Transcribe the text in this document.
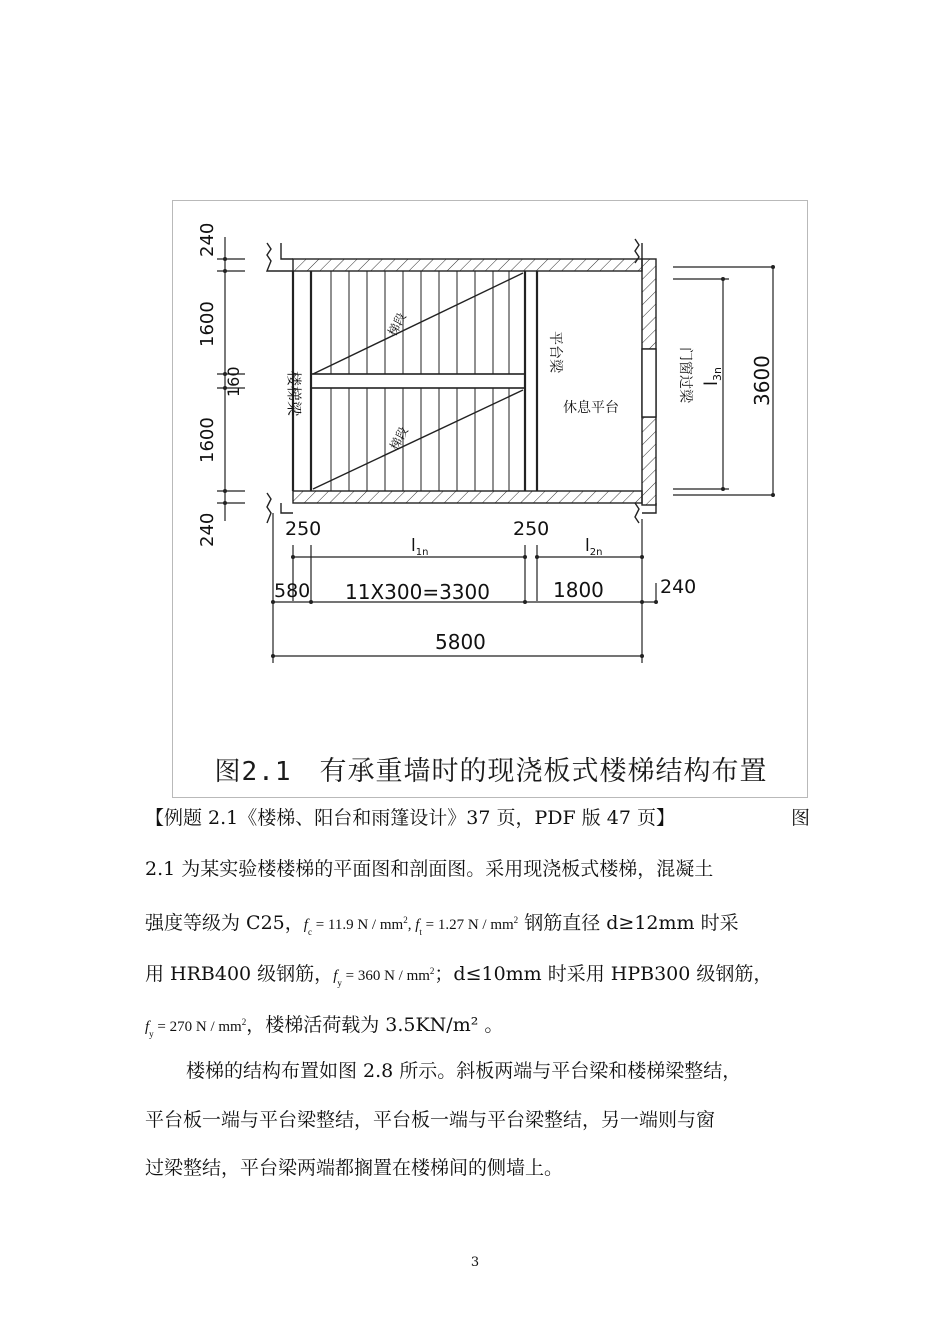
240
1600
160
1600
240
3600
$l_{3n}$
楼梯梁
梯段
梯段
平台梁
休息平台
门窗过梁
250	250
$l_{1n}$	$l_{2n}$
580 11X300=3300	1800	240
5800
图2.1 有承重墙时的现浇板式楼梯结构布置
【例题 2.1《楼梯、阳台和雨篷设计》37 页，PDF 版 47 页】	图
2.1 为某实验楼楼梯的平面图和剖面图。采用现浇板式楼梯，混凝土
强度等级为 C25，$f_c = 11.9$ N / $mm^2$, $f_t = 1.27$ N / $mm^2$ 钢筋直径 d≥12mm 时采
用 HRB400 级钢筋，$f_y = 360$ N / $mm^2$；d≤10mm 时采用 HPB300 级钢筋，
$f_y = 270$ N / $mm^2$，楼梯活荷载为 3.5KN/m² 。
楼梯的结构布置如图 2.8 所示。斜板两端与平台梁和楼梯梁整结，
平台板一端与平台梁整结，平台板一端与平台梁整结，另一端则与窗
过梁整结，平台梁两端都搁置在楼梯间的侧墙上。
3
